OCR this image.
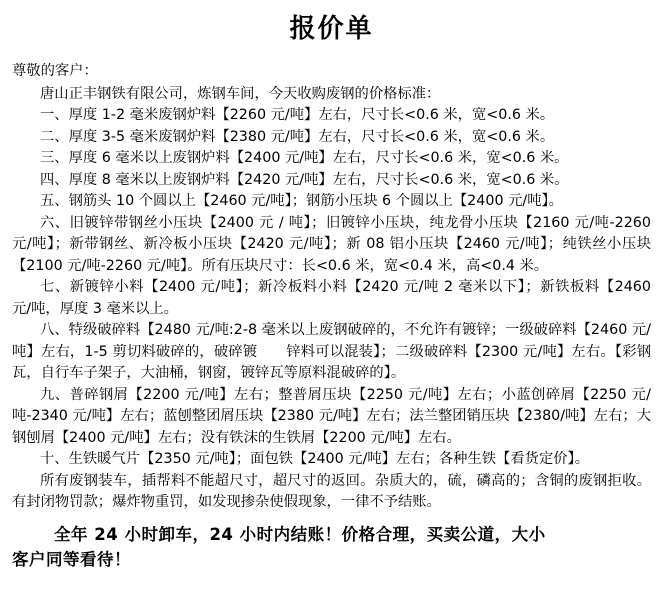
报价单

尊敬的客户：

唐山正丰钢铁有限公司，炼钢车间，今天收购废钢的价格标准：

一、厚度 1-2 毫米废钢炉料【2260 元/吨】左右，尺寸长<0.6 米，宽<0.6 米。

二、厚度 3-5 毫米废钢炉料【2380 元/吨】左右，尺寸长<0.6 米，宽<0.6 米。

三、厚度 6 毫米以上废钢炉料【2400 元/吨】左右，尺寸长<0.6 米，宽<0.6 米。

四、厚度 8 毫米以上废钢炉料【2420 元/吨】左右，尺寸长<0.6 米，宽<0.6 米。

五、钢筋头 10 个圆以上【2460 元/吨】；钢筋小压块 6 个圆以上【2400 元/吨】。

六、旧镀锌带钢丝小压块【2400 元 / 吨】；旧镀锌小压块，纯龙骨小压块【2160 元/吨-2260 元/吨】；新带钢丝、新冷板小压块【2420 元/吨】；新 08 铝小压块【2460 元/吨】；纯铁丝小压块【2100 元/吨-2260 元/吨】。所有压块尺寸：长<0.6 米，宽<0.4 米，高<0.4 米。

七、新镀锌小料【2400 元/吨】；新冷板料小料【2420 元/吨 2 毫米以下】；新铁板料【2460 元/吨，厚度 3 毫米以上。

八、特级破碎料【2480 元/吨:2-8 毫米以上废钢破碎的，不允许有镀锌；一级破碎料【2460 元/吨】左右，1-5 剪切料破碎的，破碎镀　　锌料可以混装】；二级破碎料【2300 元/吨】左右。【彩钢瓦，自行车子架子，大油桶，钢窗，镀锌瓦等原料混破碎的】。

九、普碎钢屑【2200 元/吨】左右；整普屑压块【2250 元/吨】左右；小蓝创碎屑【2250 元/吨-2340 元/吨】左右；蓝刨整团屑压块【2380 元/吨】左右；法兰整团销压块【2380/吨】左右；大钢刨屑【2400 元/吨】左右；没有铁沫的生铁屑【2200 元/吨】左右。

十、生铁暖气片【2350 元/吨】；面包铁【2400 元/吨】左右；各种生铁【看货定价】。

所有废钢装车，插帮料不能超尺寸，超尺寸的返回。杂质大的，硫，磷高的；含铜的废钢拒收。有封闭物罚款；爆炸物重罚，如发现掺杂使假现象，一律不予结账。

全年 24 小时卸车，24 小时内结账！价格合理，买卖公道，大小
客户同等看待！
